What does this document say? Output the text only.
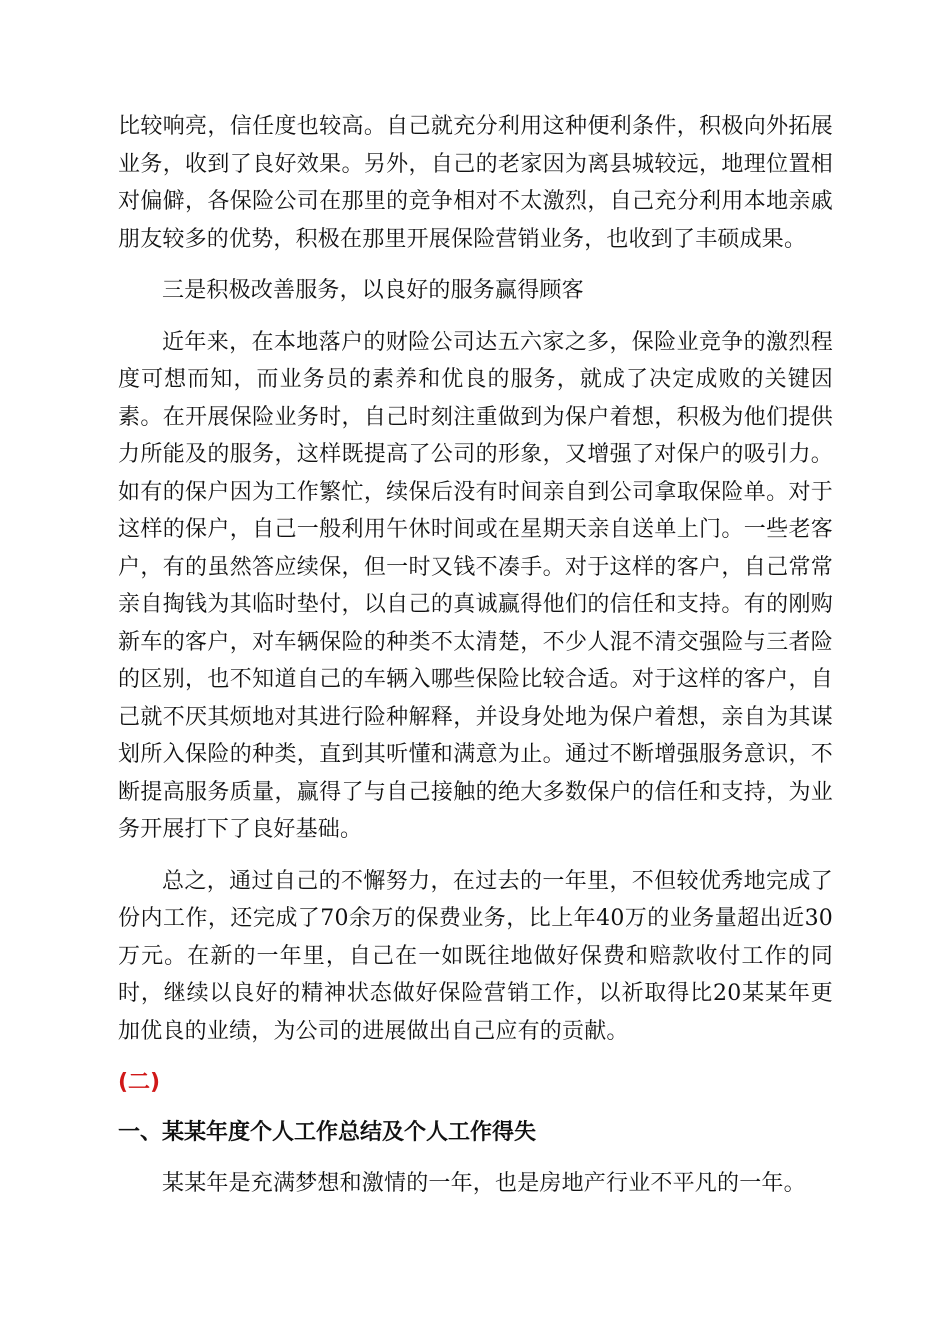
比较响亮，信任度也较高。自己就充分利用这种便利条件，积极向外拓展业务，收到了良好效果。另外，自己的老家因为离县城较远，地理位置相对偏僻，各保险公司在那里的竞争相对不太激烈，自己充分利用本地亲戚朋友较多的优势，积极在那里开展保险营销业务，也收到了丰硕成果。

三是积极改善服务，以良好的服务赢得顾客

近年来，在本地落户的财险公司达五六家之多，保险业竞争的激烈程度可想而知，而业务员的素养和优良的服务，就成了决定成败的关键因素。在开展保险业务时，自己时刻注重做到为保户着想，积极为他们提供力所能及的服务，这样既提高了公司的形象，又增强了对保户的吸引力。如有的保户因为工作繁忙，续保后没有时间亲自到公司拿取保险单。对于这样的保户，自己一般利用午休时间或在星期天亲自送单上门。一些老客户，有的虽然答应续保，但一时又钱不凑手。对于这样的客户，自己常常亲自掏钱为其临时垫付，以自己的真诚赢得他们的信任和支持。有的刚购新车的客户，对车辆保险的种类不太清楚，不少人混不清交强险与三者险的区别，也不知道自己的车辆入哪些保险比较合适。对于这样的客户，自己就不厌其烦地对其进行险种解释，并设身处地为保户着想，亲自为其谋划所入保险的种类，直到其听懂和满意为止。通过不断增强服务意识，不断提高服务质量，赢得了与自己接触的绝大多数保户的信任和支持，为业务开展打下了良好基础。

总之，通过自己的不懈努力，在过去的一年里，不但较优秀地完成了份内工作，还完成了70余万的保费业务，比上年40万的业务量超出近30万元。在新的一年里，自己在一如既往地做好保费和赔款收付工作的同时，继续以良好的精神状态做好保险营销工作，以祈取得比20某某年更加优良的业绩，为公司的进展做出自己应有的贡献。

(二)

一、某某年度个人工作总结及个人工作得失

某某年是充满梦想和激情的一年，也是房地产行业不平凡的一年。
